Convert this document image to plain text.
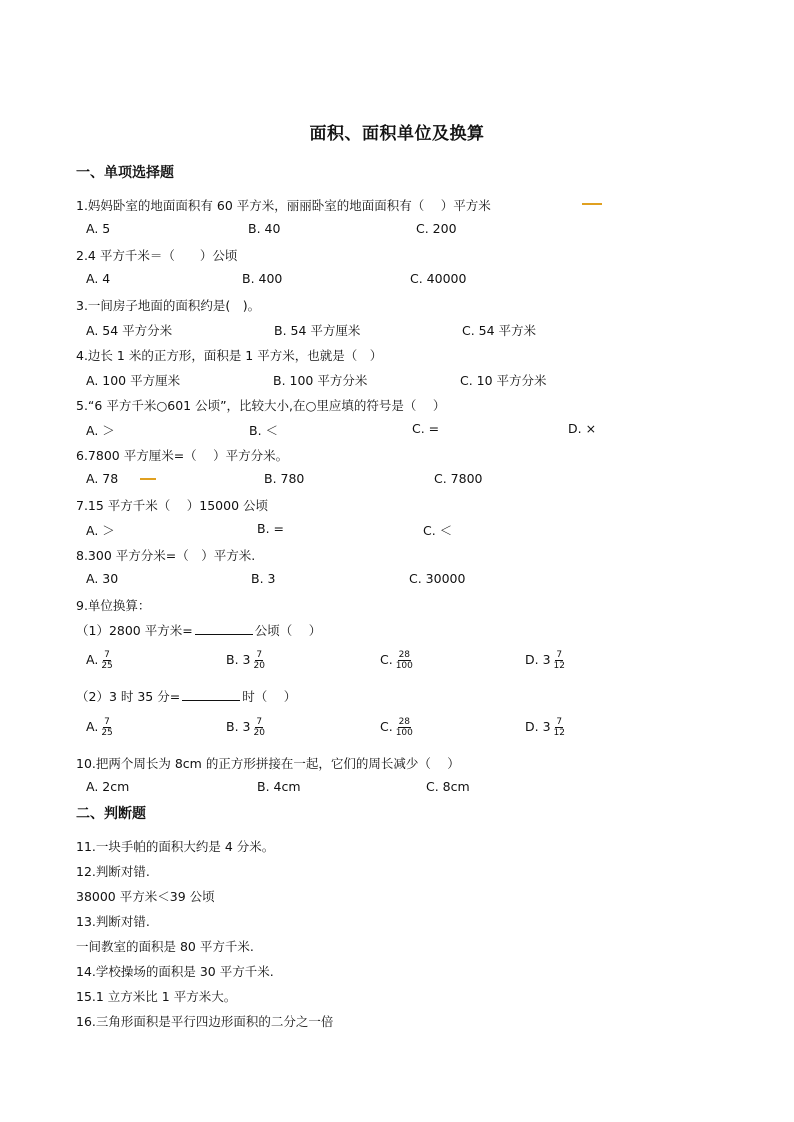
面积、面积单位及换算
一、单项选择题
1.妈妈卧室的地面面积有 60 平方米，丽丽卧室的地面面积有（　 ）平方米
A. 5	B. 40	C. 200
2.4 平方千米＝（　　）公顷
A. 4	B. 400	C. 40000
3.一间房子地面的面积约是(　)。
A. 54 平方分米	B. 54 平方厘米	C. 54 平方米
4.边长 1 米的正方形，面积是 1 平方米，也就是（　）
A. 100 平方厘米	B. 100 平方分米	C. 10 平方分米
5.“6 平方千米○601 公顷”，比较大小,在○里应填的符号是（　 ）
A. ＞	B. ＜	C. =	D. ×
6.7800 平方厘米=（　 ）平方分米。
A. 78	B. 780	C. 7800
7.15 平方千米（　 ）15000 公顷
A. ＞	B. =	C. ＜
8.300 平方分米=（　）平方米.
A. 30	B. 3	C. 30000
9.单位换算：
（1）2800 平方米=	公顷（　 ）
A. $\frac{7}{25}$	B. $3 \frac{7}{20}$	C. $\frac{28}{100}$	D. $3 \frac{7}{12}$
（2）3 时 35 分=	时（　 ）
A. $\frac{7}{25}$	B. $3 \frac{7}{20}$	C. $\frac{28}{100}$	D. $3 \frac{7}{12}$
10.把两个周长为 8cm 的正方形拼接在一起，它们的周长减少（　 ）
A. 2cm	B. 4cm	C. 8cm
二、判断题
11.一块手帕的面积大约是 4 分米。
12.判断对错.
38000 平方米＜39 公顷
13.判断对错.
一间教室的面积是 80 平方千米.
14.学校操场的面积是 30 平方千米.
15.1 立方米比 1 平方米大。
16.三角形面积是平行四边形面积的二分之一倍
